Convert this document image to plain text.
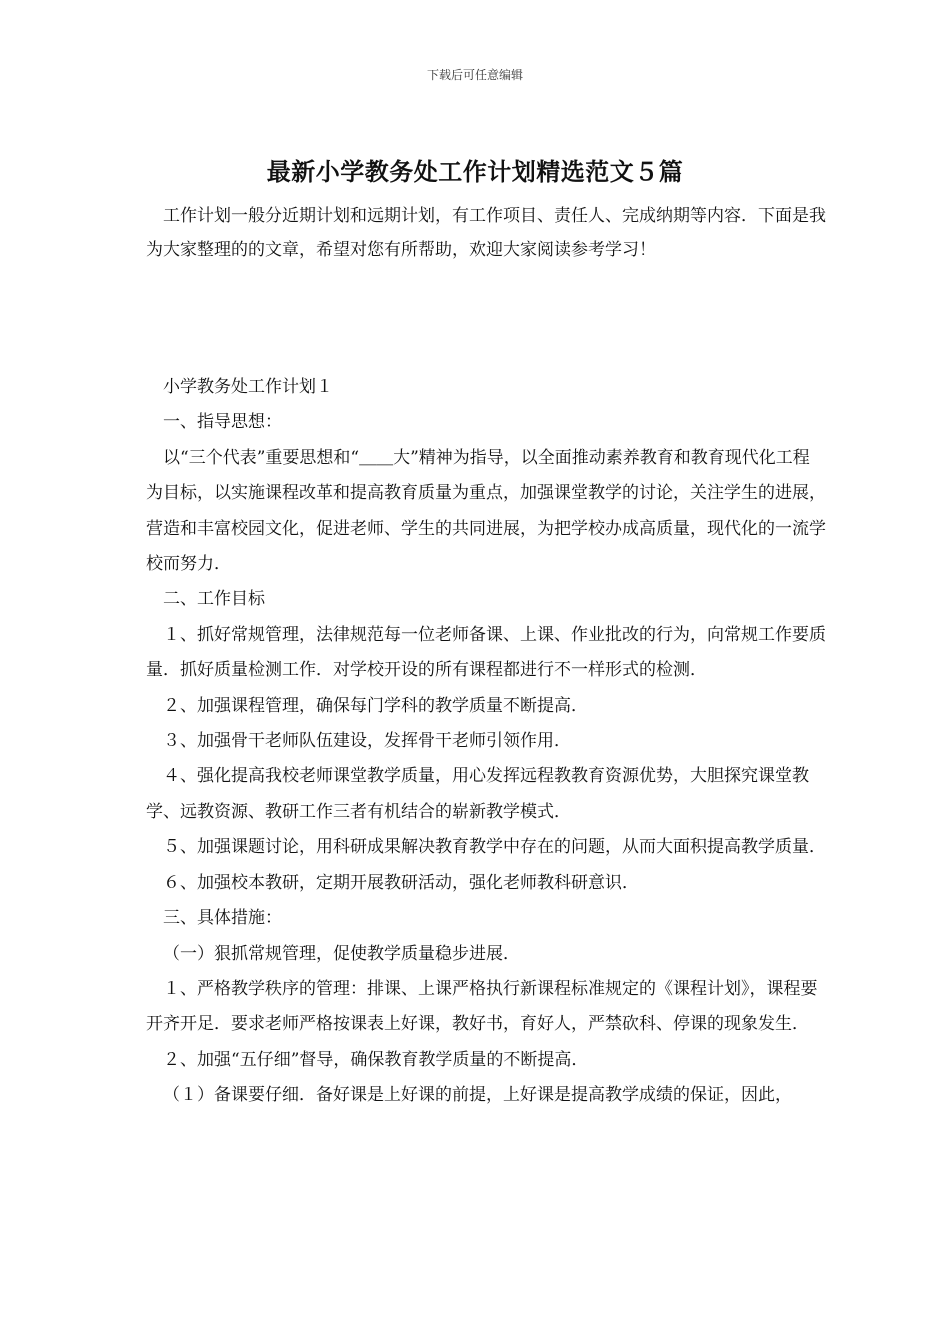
下载后可任意编辑
最新小学教务处工作计划精选范文５篇

工作计划一般分近期计划和远期计划，有工作项目、责任人、完成纳期等内容．下面是我为大家整理的的文章，希望对您有所帮助，欢迎大家阅读参考学习！

小学教务处工作计划１

一、指导思想：

以“三个代表”重要思想和“＿＿大”精神为指导，以全面推动素养教育和教育现代化工程为目标，以实施课程改革和提高教育质量为重点，加强课堂教学的讨论，关注学生的进展，营造和丰富校园文化，促进老师、学生的共同进展，为把学校办成高质量，现代化的一流学校而努力．

二、工作目标

１、抓好常规管理，法律规范每一位老师备课、上课、作业批改的行为，向常规工作要质量．抓好质量检测工作．对学校开设的所有课程都进行不一样形式的检测．

２、加强课程管理，确保每门学科的教学质量不断提高．

３、加强骨干老师队伍建设，发挥骨干老师引领作用．

４、强化提高我校老师课堂教学质量，用心发挥远程教教育资源优势，大胆探究课堂教学、远教资源、教研工作三者有机结合的崭新教学模式．

５、加强课题讨论，用科研成果解决教育教学中存在的问题，从而大面积提高教学质量．

６、加强校本教研，定期开展教研活动，强化老师教科研意识．

三、具体措施：

（一）狠抓常规管理，促使教学质量稳步进展．

１、严格教学秩序的管理：排课、上课严格执行新课程标准规定的《课程计划》，课程要开齐开足．要求老师严格按课表上好课，教好书，育好人，严禁砍科、停课的现象发生．

２、加强“五仔细”督导，确保教育教学质量的不断提高．

（１）备课要仔细．备好课是上好课的前提，上好课是提高教学成绩的保证，因此，
